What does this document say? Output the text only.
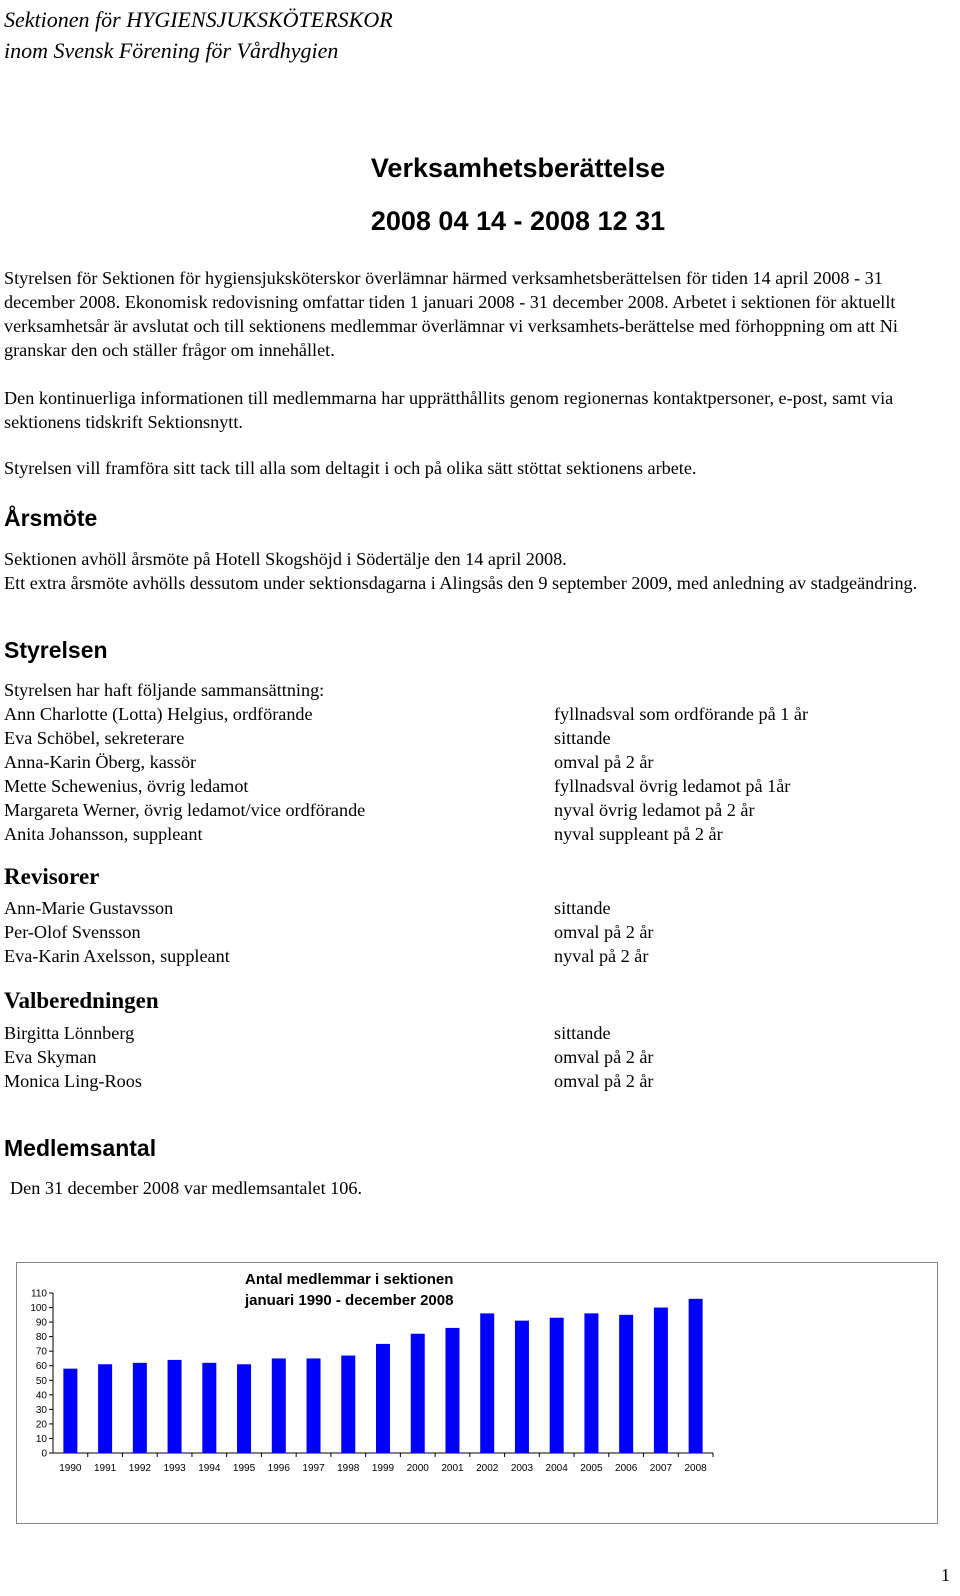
Sektionen för HYGIENSJUKSKÖTERSKOR
inom Svensk Förening för Vårdhygien
Verksamhetsberättelse
2008 04 14 - 2008 12 31
Styrelsen för Sektionen för hygiensjuksköterskor överlämnar härmed verksamhetsberättelsen för tiden 14 april 2008 - 31 december 2008. Ekonomisk redovisning omfattar tiden 1 januari 2008 - 31 december 2008. Arbetet i sektionen för aktuellt verksamhetsår är avslutat och till sektionens medlemmar överlämnar vi verksamhets-berättelse med förhoppning om att Ni granskar den och ställer frågor om innehållet.
Den kontinuerliga informationen till medlemmarna har upprätthållits genom regionernas kontaktpersoner, e-post, samt via sektionens tidskrift Sektionsnytt.
Styrelsen vill framföra sitt tack till alla som deltagit i och på olika sätt stöttat sektionens arbete.
Årsmöte
Sektionen avhöll årsmöte på Hotell Skogshöjd i Södertälje den 14 april 2008.
Ett extra årsmöte avhölls dessutom under sektionsdagarna i Alingsås den 9 september 2009, med anledning av stadgeändring.
Styrelsen
Styrelsen har haft följande sammansättning:
Ann Charlotte (Lotta) Helgius, ordförande	fyllnadsval som ordförande på 1 år
Eva Schöbel, sekreterare	sittande
Anna-Karin Öberg, kassör	omval på 2 år
Mette Schewenius, övrig ledamot	fyllnadsval övrig ledamot på 1år
Margareta Werner, övrig ledamot/vice ordförande	nyval övrig ledamot på 2 år
Anita Johansson, suppleant	nyval suppleant på 2 år
Revisorer
Ann-Marie Gustavsson	sittande
Per-Olof Svensson	omval på 2 år
Eva-Karin Axelsson, suppleant	nyval på 2 år
Valberedningen
Birgitta Lönnberg	sittande
Eva Skyman	omval på 2 år
Monica Ling-Roos	omval på 2 år
Medlemsantal
Den 31 december 2008 var medlemsantalet 106.
Antal medlemmar i sektionen
januari 1990 - december 2008
0
10
20
30
40
50
60
70
80
90
100
110
1990 1991 1992 1993 1994 1995 1996 1997 1998 1999 2000 2001 2002 2003 2004 2005 2006 2007 2008
1
